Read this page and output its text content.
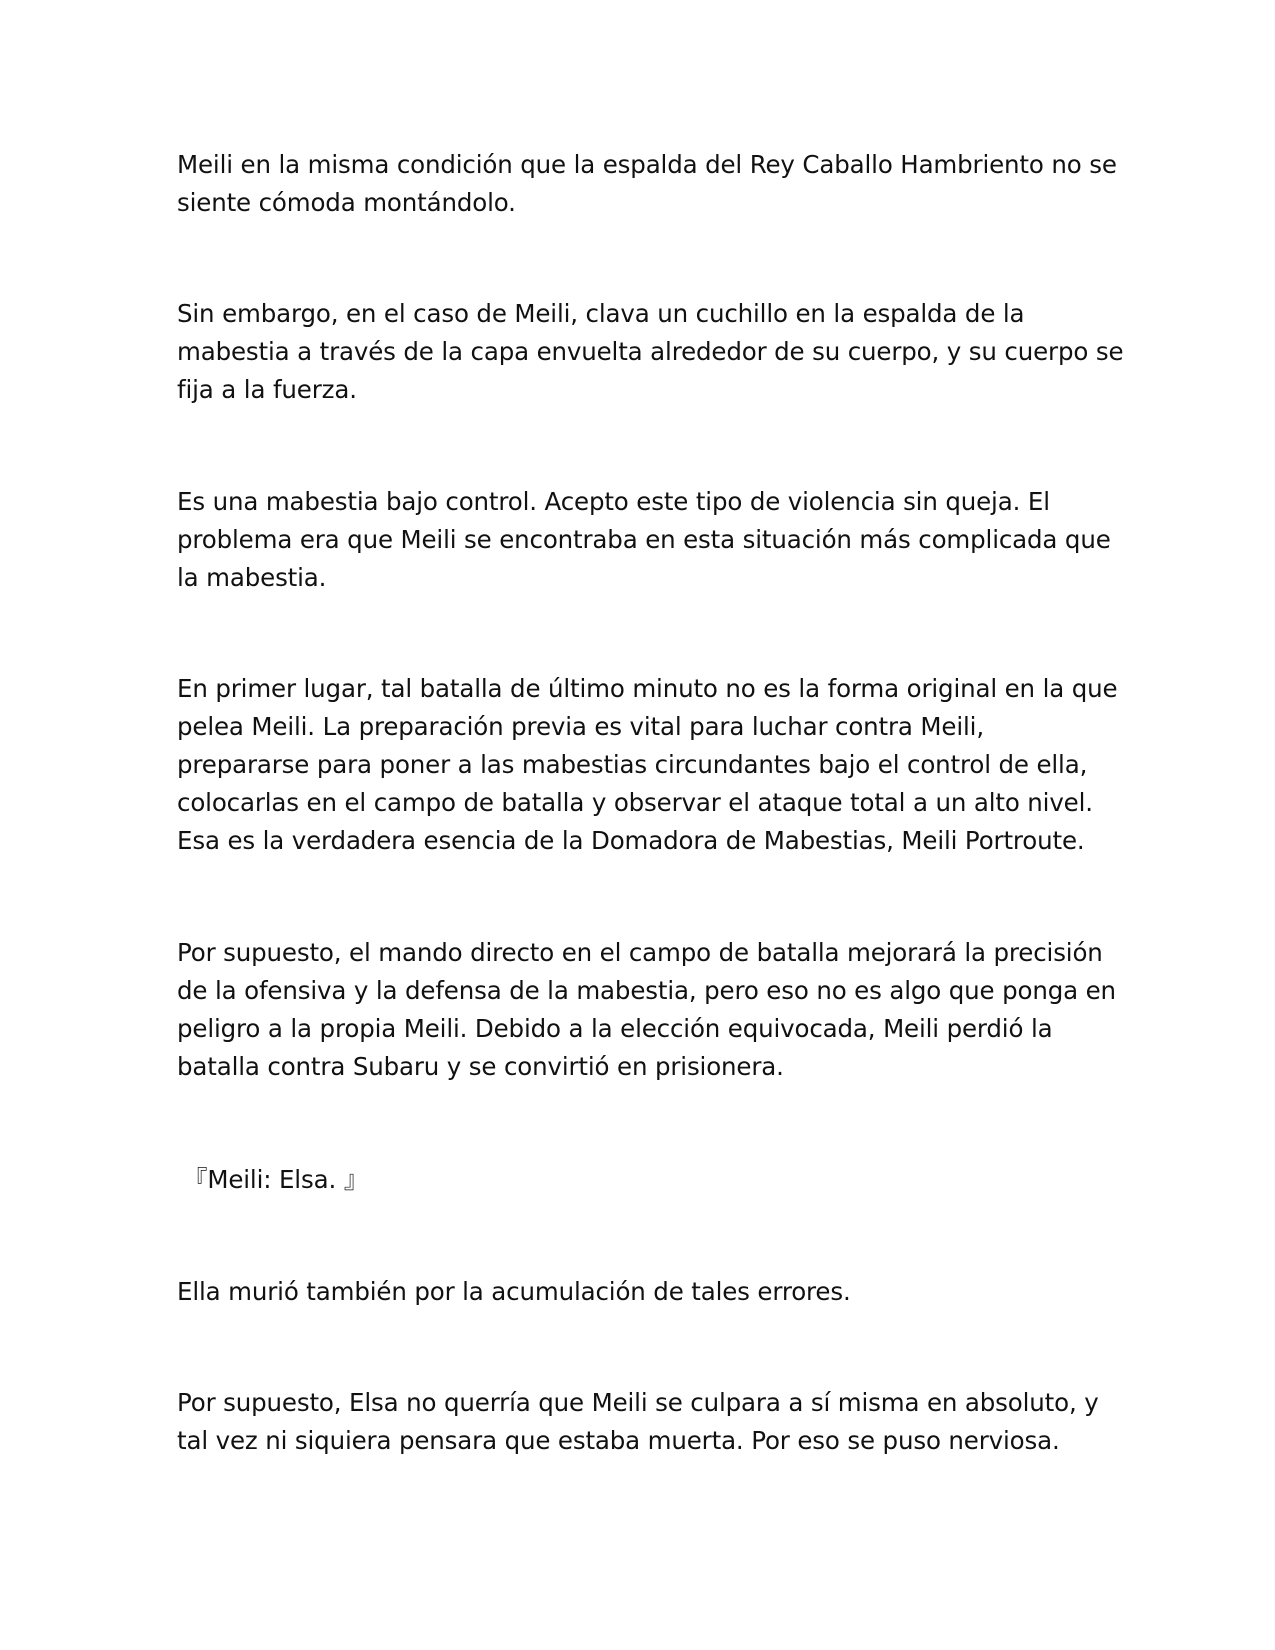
Meili en la misma condición que la espalda del Rey Caballo Hambriento no se
siente cómoda montándolo.

Sin embargo, en el caso de Meili, clava un cuchillo en la espalda de la
mabestia a través de la capa envuelta alrededor de su cuerpo, y su cuerpo se
fija a la fuerza.

Es una mabestia bajo control. Acepto este tipo de violencia sin queja. El
problema era que Meili se encontraba en esta situación más complicada que
la mabestia.

En primer lugar, tal batalla de último minuto no es la forma original en la que
pelea Meili. La preparación previa es vital para luchar contra Meili,
prepararse para poner a las mabestias circundantes bajo el control de ella,
colocarlas en el campo de batalla y observar el ataque total a un alto nivel.
Esa es la verdadera esencia de la Domadora de Mabestias, Meili Portroute.

Por supuesto, el mando directo en el campo de batalla mejorará la precisión
de la ofensiva y la defensa de la mabestia, pero eso no es algo que ponga en
peligro a la propia Meili. Debido a la elección equivocada, Meili perdió la
batalla contra Subaru y se convirtió en prisionera.

『Meili: Elsa. 』

Ella murió también por la acumulación de tales errores.

Por supuesto, Elsa no querría que Meili se culpara a sí misma en absoluto, y
tal vez ni siquiera pensara que estaba muerta. Por eso se puso nerviosa.
